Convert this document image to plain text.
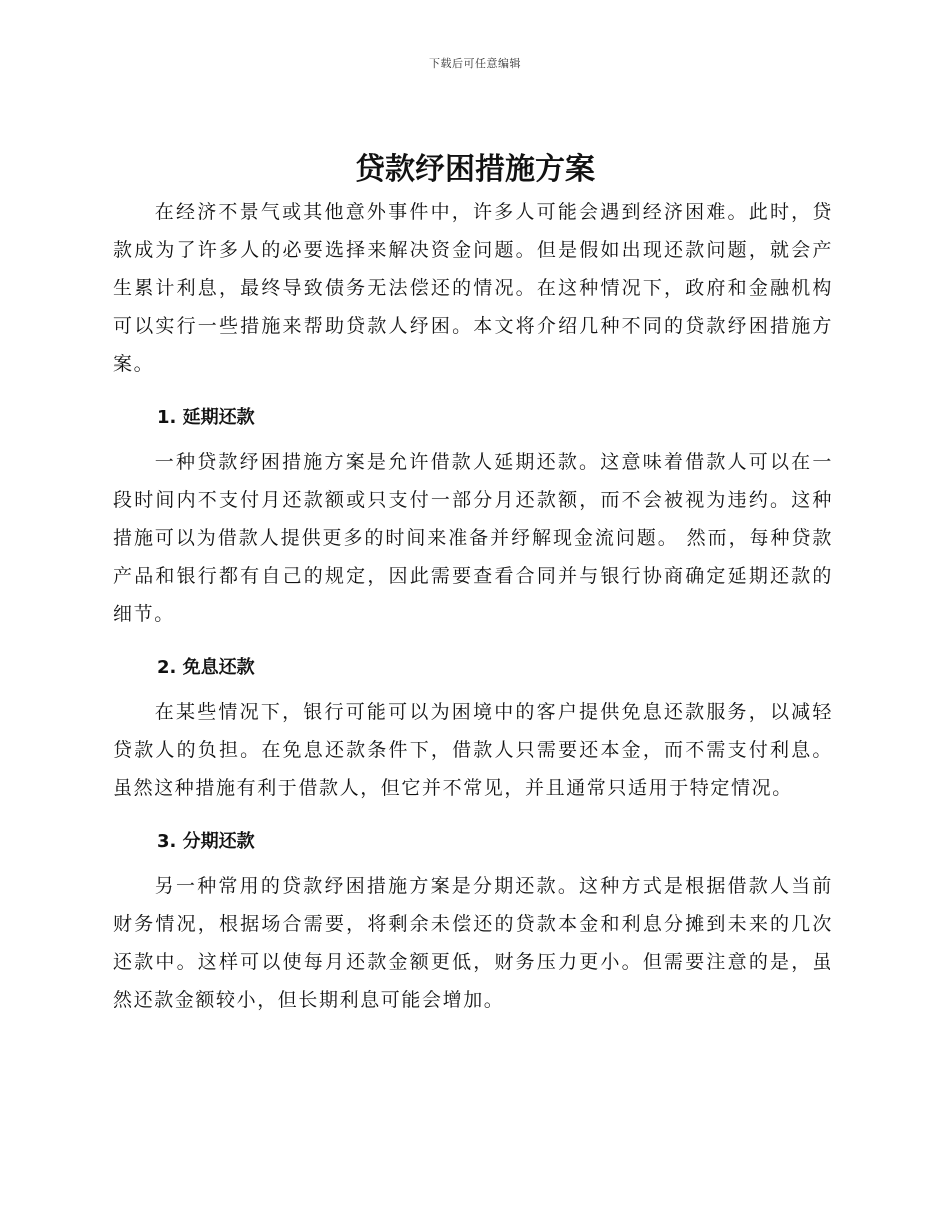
下载后可任意编辑
贷款纾困措施方案

在经济不景气或其他意外事件中，许多人可能会遇到经济困难。此时，贷款成为了许多人的必要选择来解决资金问题。但是假如出现还款问题，就会产生累计利息，最终导致债务无法偿还的情况。在这种情况下，政府和金融机构可以实行一些措施来帮助贷款人纾困。本文将介绍几种不同的贷款纾困措施方案。

1. 延期还款

一种贷款纾困措施方案是允许借款人延期还款。这意味着借款人可以在一段时间内不支付月还款额或只支付一部分月还款额，而不会被视为违约。这种措施可以为借款人提供更多的时间来准备并纾解现金流问题。 然而，每种贷款产品和银行都有自己的规定，因此需要查看合同并与银行协商确定延期还款的细节。

2. 免息还款

在某些情况下，银行可能可以为困境中的客户提供免息还款服务，以减轻贷款人的负担。在免息还款条件下，借款人只需要还本金，而不需支付利息。虽然这种措施有利于借款人，但它并不常见，并且通常只适用于特定情况。

3. 分期还款

另一种常用的贷款纾困措施方案是分期还款。这种方式是根据借款人当前财务情况，根据场合需要，将剩余未偿还的贷款本金和利息分摊到未来的几次还款中。这样可以使每月还款金额更低，财务压力更小。但需要注意的是，虽然还款金额较小，但长期利息可能会增加。
